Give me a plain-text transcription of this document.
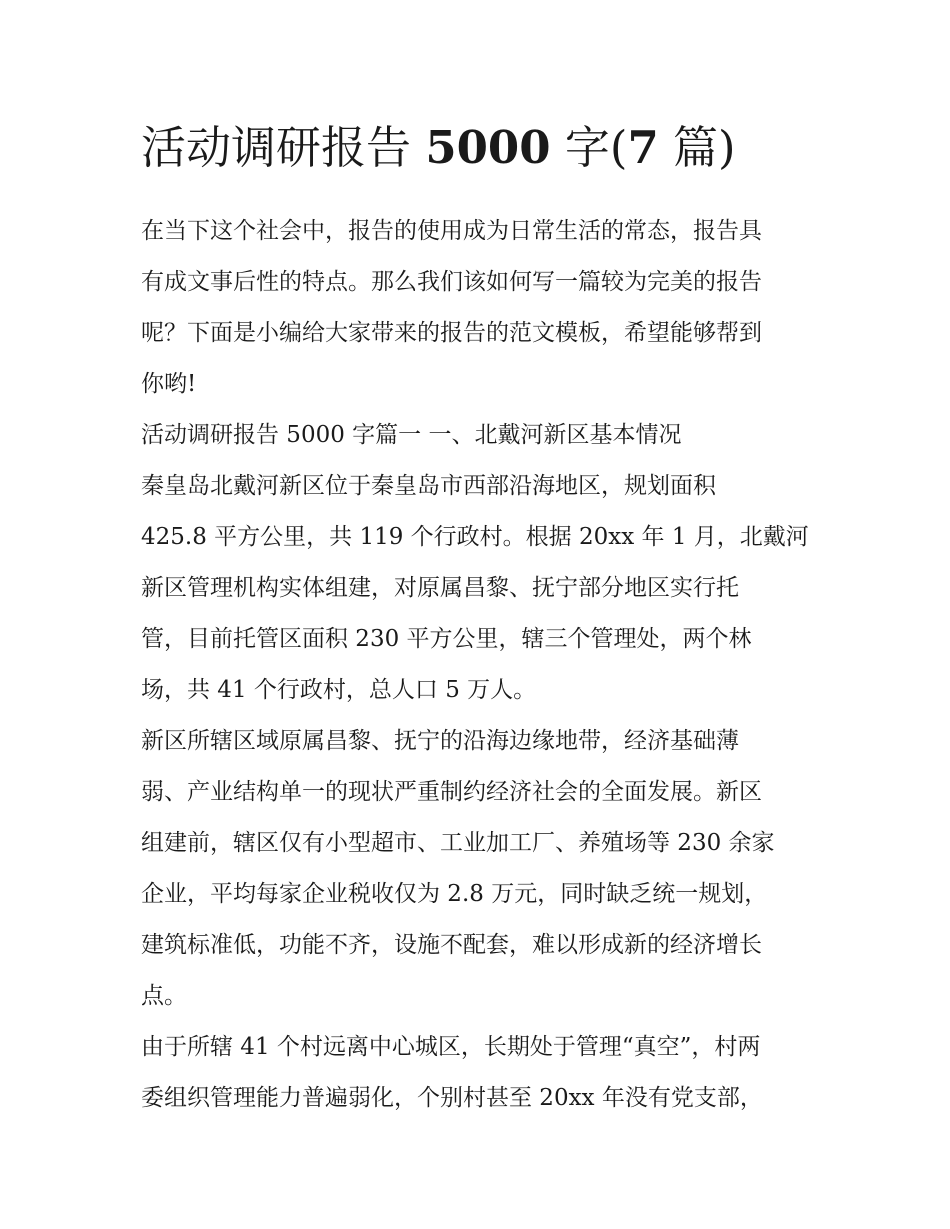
活动调研报告 5000 字(7 篇)
在当下这个社会中，报告的使用成为日常生活的常态，报告具
有成文事后性的特点。那么我们该如何写一篇较为完美的报告
呢？下面是小编给大家带来的报告的范文模板，希望能够帮到
你哟!
活动调研报告 5000 字篇一 一、北戴河新区基本情况
秦皇岛北戴河新区位于秦皇岛市西部沿海地区，规划面积
425.8 平方公里，共 119 个行政村。根据 20xx 年 1 月，北戴河
新区管理机构实体组建，对原属昌黎、抚宁部分地区实行托
管，目前托管区面积 230 平方公里，辖三个管理处，两个林
场，共 41 个行政村，总人口 5 万人。
新区所辖区域原属昌黎、抚宁的沿海边缘地带，经济基础薄
弱、产业结构单一的现状严重制约经济社会的全面发展。新区
组建前，辖区仅有小型超市、工业加工厂、养殖场等 230 余家
企业，平均每家企业税收仅为 2.8 万元，同时缺乏统一规划，
建筑标准低，功能不齐，设施不配套，难以形成新的经济增长
点。
由于所辖 41 个村远离中心城区，长期处于管理“真空”，村两
委组织管理能力普遍弱化，个别村甚至 20xx 年没有党支部，
